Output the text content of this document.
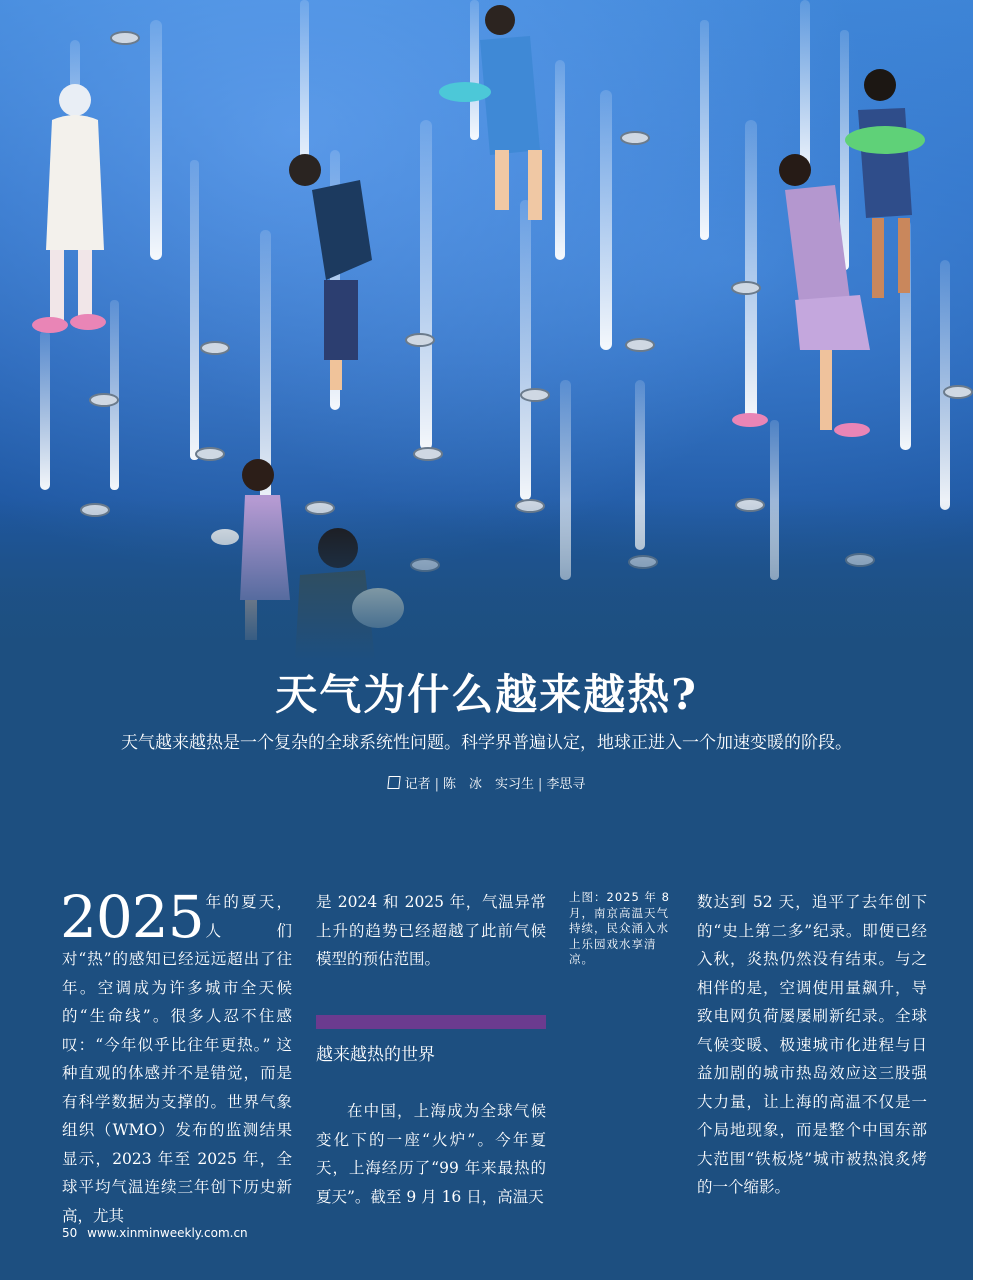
天气为什么越来越热?

天气越来越热是一个复杂的全球系统性问题。科学界普遍认定，地球正进入一个加速变暖的阶段。

记者 | 陈　冰　 实习生 | 李思寻
2025 年的夏天，人们对“热”的感知已经远远超出了往年。空调成为许多城市全天候的“生命线”。很多人忍不住感叹：“今年似乎比往年更热。” 这种直观的体感并不是错觉，而是有科学数据为支撑的。世界气象组织（WMO）发布的监测结果显示，2023 年至 2025 年，全球平均气温连续三年创下历史新高，尤其

是 2024 和 2025 年，气温异常上升的趋势已经超越了此前气候模型的预估范围。

越来越热的世界

在中国，上海成为全球气候变化下的一座“火炉”。今年夏天，上海经历了“99 年来最热的夏天”。截至 9 月 16 日，高温天

上图：2025 年 8 月，南京高温天气持续，民众涌入水上乐园戏水享清凉。

数达到 52 天，追平了去年创下的“史上第二多”纪录。即便已经入秋，炎热仍然没有结束。与之相伴的是，空调使用量飙升，导致电网负荷屡屡刷新纪录。全球气候变暖、极速城市化进程与日益加剧的城市热岛效应这三股强大力量，让上海的高温不仅是一个局地现象，而是整个中国东部大范围“铁板烧”城市被热浪炙烤的一个缩影。

50 www.xinminweekly.com.cn
